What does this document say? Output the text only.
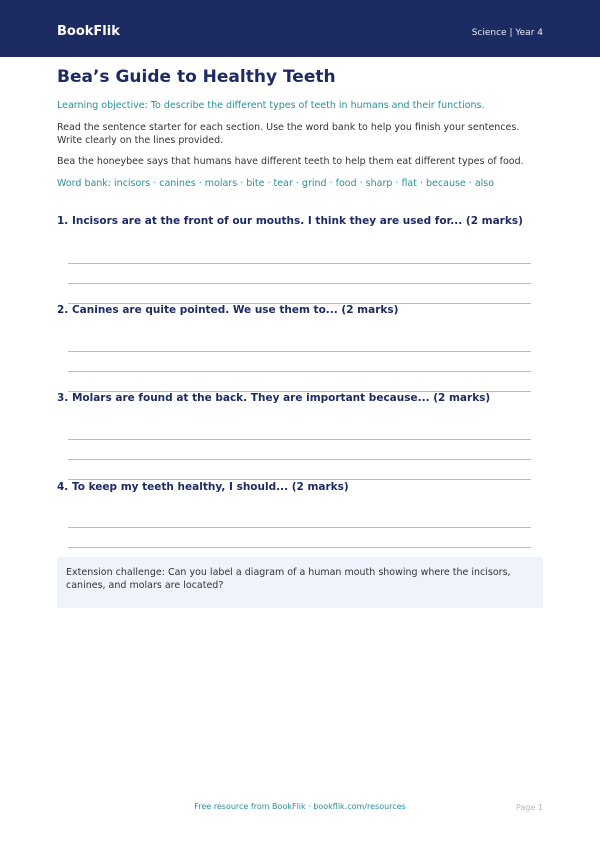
BookFlik	Science | Year 4
Bea’s Guide to Healthy Teeth
Learning objective: To describe the different types of teeth in humans and their functions.
Read the sentence starter for each section. Use the word bank to help you finish your sentences. Write clearly on the lines provided.
Bea the honeybee says that humans have different teeth to help them eat different types of food.
Word bank: incisors · canines · molars · bite · tear · grind · food · sharp · flat · because · also
1. Incisors are at the front of our mouths. I think they are used for... (2 marks)
2. Canines are quite pointed. We use them to... (2 marks)
3. Molars are found at the back. They are important because... (2 marks)
4. To keep my teeth healthy, I should... (2 marks)

Extension challenge: Can you label a diagram of a human mouth showing where the incisors, canines, and molars are located?

Free resource from BookFlik · bookflik.com/resources	Page 1
